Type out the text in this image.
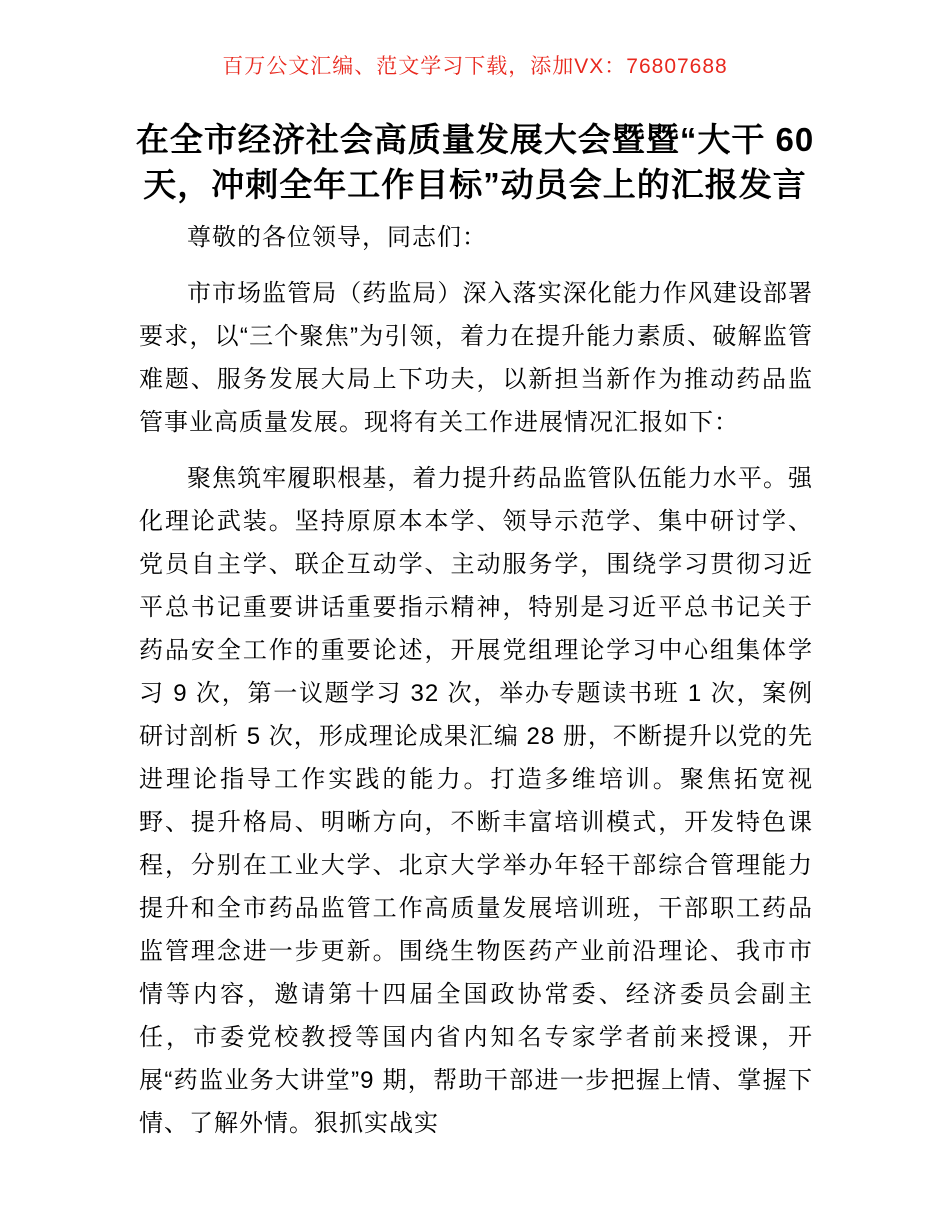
百万公文汇编、范文学习下载，添加VX：76807688
在全市经济社会高质量发展大会暨暨“大干 60
天，冲刺全年工作目标”动员会上的汇报发言

尊敬的各位领导，同志们：

市市场监管局（药监局）深入落实深化能力作风建设部署要求，以“三个聚焦”为引领，着力在提升能力素质、破解监管难题、服务发展大局上下功夫，以新担当新作为推动药品监管事业高质量发展。现将有关工作进展情况汇报如下：

聚焦筑牢履职根基，着力提升药品监管队伍能力水平。强化理论武装。坚持原原本本学、领导示范学、集中研讨学、党员自主学、联企互动学、主动服务学，围绕学习贯彻习近平总书记重要讲话重要指示精神，特别是习近平总书记关于药品安全工作的重要论述，开展党组理论学习中心组集体学习 9 次，第一议题学习 32 次，举办专题读书班 1 次，案例研讨剖析 5 次，形成理论成果汇编 28 册，不断提升以党的先进理论指导工作实践的能力。打造多维培训。聚焦拓宽视野、提升格局、明晰方向，不断丰富培训模式，开发特色课程，分别在工业大学、北京大学举办年轻干部综合管理能力提升和全市药品监管工作高质量发展培训班，干部职工药品监管理念进一步更新。围绕生物医药产业前沿理论、我市市情等内容，邀请第十四届全国政协常委、经济委员会副主任，市委党校教授等国内省内知名专家学者前来授课，开展“药监业务大讲堂”9 期，帮助干部进一步把握上情、掌握下情、了解外情。狠抓实战实
